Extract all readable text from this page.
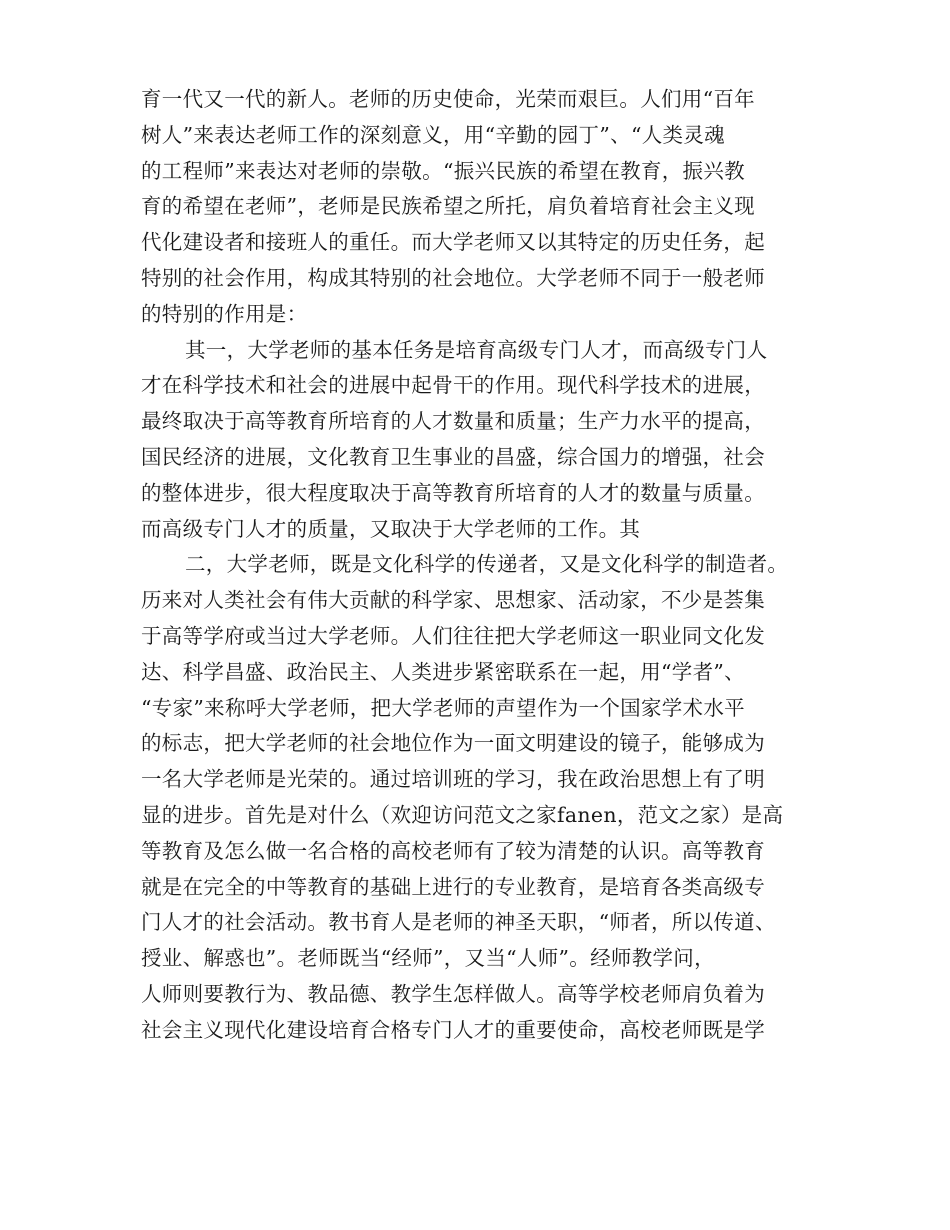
育一代又一代的新人。老师的历史使命，光荣而艰巨。人们用“百年
树人”来表达老师工作的深刻意义，用“辛勤的园丁”、“人类灵魂
的工程师”来表达对老师的崇敬。“振兴民族的希望在教育，振兴教
育的希望在老师”，老师是民族希望之所托，肩负着培育社会主义现
代化建设者和接班人的重任。而大学老师又以其特定的历史任务，起
特别的社会作用，构成其特别的社会地位。大学老师不同于一般老师
的特别的作用是：
其一，大学老师的基本任务是培育高级专门人才，而高级专门人
才在科学技术和社会的进展中起骨干的作用。现代科学技术的进展，
最终取决于高等教育所培育的人才数量和质量；生产力水平的提高，
国民经济的进展，文化教育卫生事业的昌盛，综合国力的增强，社会
的整体进步，很大程度取决于高等教育所培育的人才的数量与质量。
而高级专门人才的质量，又取决于大学老师的工作。其
二，大学老师，既是文化科学的传递者，又是文化科学的制造者。
历来对人类社会有伟大贡献的科学家、思想家、活动家，不少是荟集
于高等学府或当过大学老师。人们往往把大学老师这一职业同文化发
达、科学昌盛、政治民主、人类进步紧密联系在一起，用“学者”、
“专家”来称呼大学老师，把大学老师的声望作为一个国家学术水平
的标志，把大学老师的社会地位作为一面文明建设的镜子，能够成为
一名大学老师是光荣的。通过培训班的学习，我在政治思想上有了明
显的进步。首先是对什么（欢迎访问范文之家fanen，范文之家）是高
等教育及怎么做一名合格的高校老师有了较为清楚的认识。高等教育
就是在完全的中等教育的基础上进行的专业教育，是培育各类高级专
门人才的社会活动。教书育人是老师的神圣天职，“师者，所以传道、
授业、解惑也”。老师既当“经师”，又当“人师”。经师教学问，
人师则要教行为、教品德、教学生怎样做人。高等学校老师肩负着为
社会主义现代化建设培育合格专门人才的重要使命，高校老师既是学
